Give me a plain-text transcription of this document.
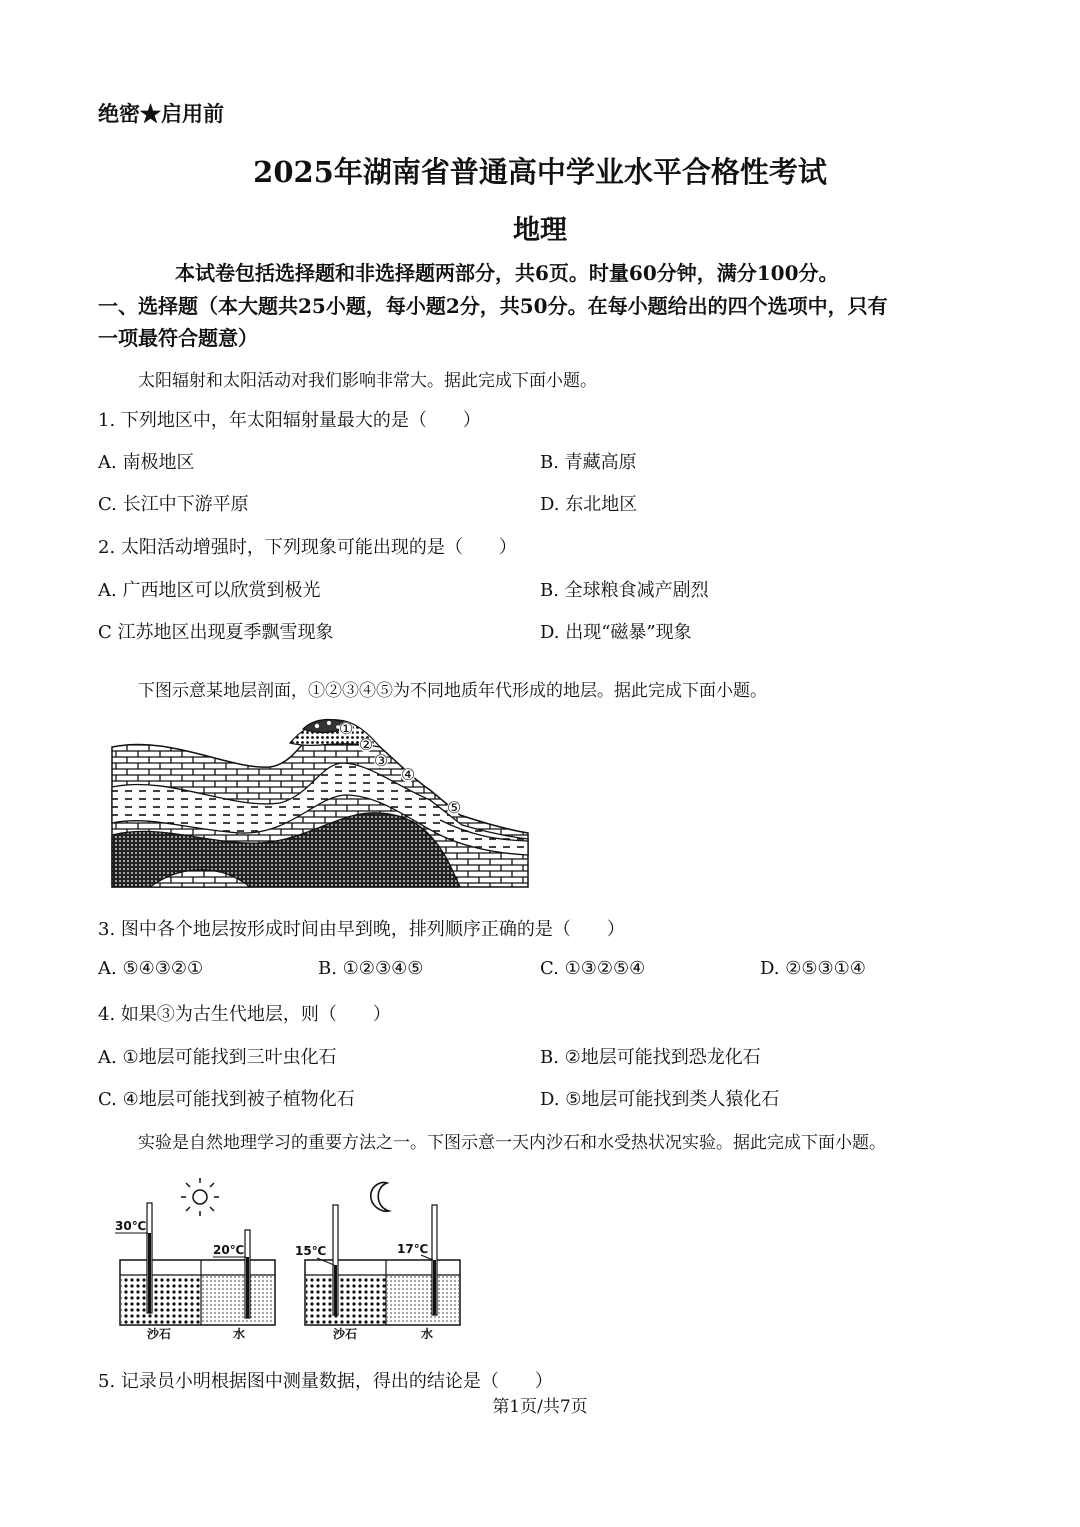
绝密★启用前
2025年湖南省普通高中学业水平合格性考试
地理
本试卷包括选择题和非选择题两部分，共6页。时量60分钟，满分100分。
一、选择题（本大题共25小题，每小题2分，共50分。在每小题给出的四个选项中，只有
一项最符合题意）
太阳辐射和太阳活动对我们影响非常大。据此完成下面小题。
1. 下列地区中，年太阳辐射量最大的是（　　）
A. 南极地区	B. 青藏高原
C. 长江中下游平原	D. 东北地区
2. 太阳活动增强时，下列现象可能出现的是（　　）
A. 广西地区可以欣赏到极光	B. 全球粮食减产剧烈
C 江苏地区出现夏季飘雪现象	D. 出现“磁暴”现象
下图示意某地层剖面，①②③④⑤为不同地质年代形成的地层。据此完成下面小题。
①
②
③
④
⑤
3. 图中各个地层按形成时间由早到晚，排列顺序正确的是（　　）
A. ⑤④③②①	B. ①②③④⑤	C. ①③②⑤④	D. ②⑤③①④
4. 如果③为古生代地层，则（　　）
A. ①地层可能找到三叶虫化石	B. ②地层可能找到恐龙化石
C. ④地层可能找到被子植物化石	D. ⑤地层可能找到类人猿化石
实验是自然地理学习的重要方法之一。下图示意一天内沙石和水受热状况实验。据此完成下面小题。
30℃
20℃	15℃	17℃
沙石	水	沙石	水
5. 记录员小明根据图中测量数据，得出的结论是（　　）
第1页/共7页
